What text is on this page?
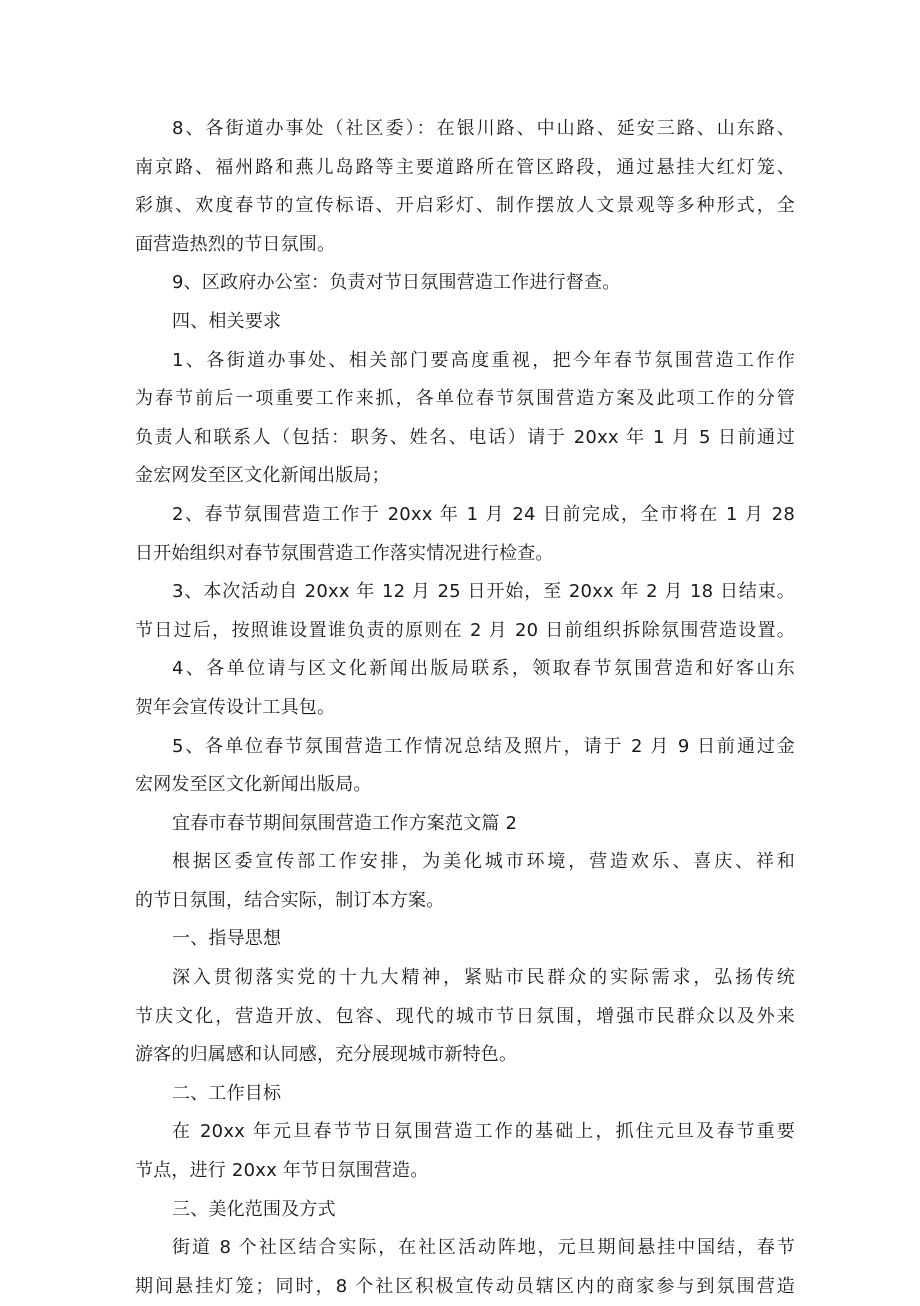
8、各街道办事处（社区委）：在银川路、中山路、延安三路、山东路、
南京路、福州路和燕儿岛路等主要道路所在管区路段，通过悬挂大红灯笼、
彩旗、欢度春节的宣传标语、开启彩灯、制作摆放人文景观等多种形式，全
面营造热烈的节日氛围。
9、区政府办公室：负责对节日氛围营造工作进行督查。
四、相关要求
1、各街道办事处、相关部门要高度重视，把今年春节氛围营造工作作
为春节前后一项重要工作来抓，各单位春节氛围营造方案及此项工作的分管
负责人和联系人（包括：职务、姓名、电话）请于 20xx 年 1 月 5 日前通过
金宏网发至区文化新闻出版局；
2、春节氛围营造工作于 20xx 年 1 月 24 日前完成，全市将在 1 月 28
日开始组织对春节氛围营造工作落实情况进行检查。
3、本次活动自 20xx 年 12 月 25 日开始，至 20xx 年 2 月 18 日结束。
节日过后，按照谁设置谁负责的原则在 2 月 20 日前组织拆除氛围营造设置。
4、各单位请与区文化新闻出版局联系，领取春节氛围营造和好客山东
贺年会宣传设计工具包。
5、各单位春节氛围营造工作情况总结及照片，请于 2 月 9 日前通过金
宏网发至区文化新闻出版局。
宜春市春节期间氛围营造工作方案范文篇 2
根据区委宣传部工作安排，为美化城市环境，营造欢乐、喜庆、祥和
的节日氛围，结合实际，制订本方案。
一、指导思想
深入贯彻落实党的十九大精神，紧贴市民群众的实际需求，弘扬传统
节庆文化，营造开放、包容、现代的城市节日氛围，增强市民群众以及外来
游客的归属感和认同感，充分展现城市新特色。
二、工作目标
在 20xx 年元旦春节节日氛围营造工作的基础上，抓住元旦及春节重要
节点，进行 20xx 年节日氛围营造。
三、美化范围及方式
街道 8 个社区结合实际，在社区活动阵地，元旦期间悬挂中国结，春节
期间悬挂灯笼；同时，8 个社区积极宣传动员辖区内的商家参与到氛围营造
